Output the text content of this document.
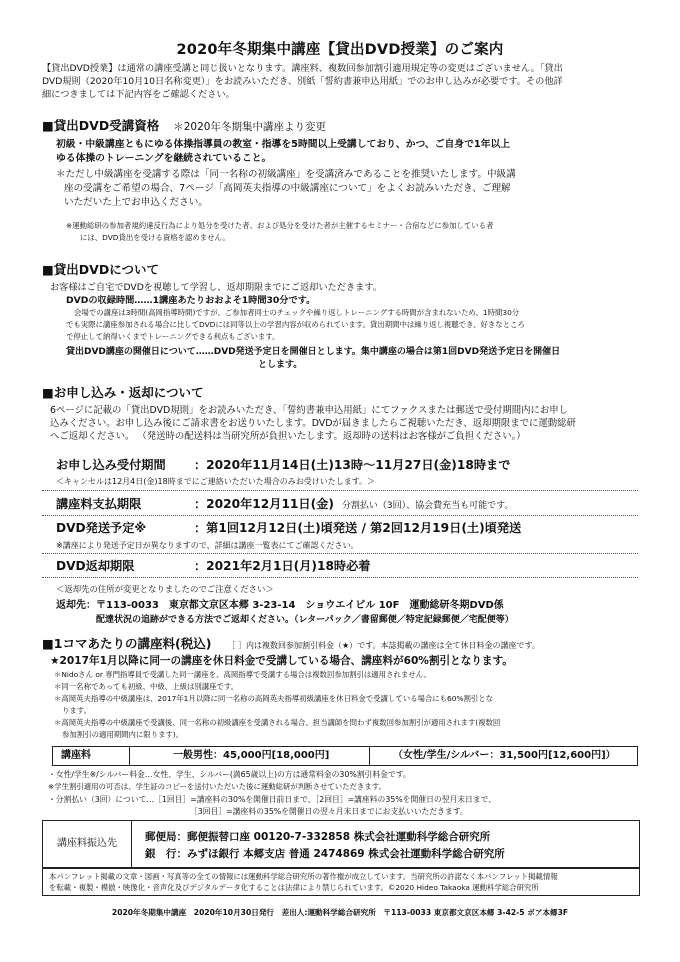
2020年冬期集中講座【貸出DVD授業】のご案内
【貸出DVD授業】は通常の講座受講と同じ扱いとなります。講座料、複数回参加割引適用規定等の変更はございません。「貸出
DVD規則（2020年10月10日名称変更）」をお読みいただき、別紙「誓約書兼申込用紙」でのお申し込みが必要です。その他詳
細につきましては下記内容をご確認ください。
■貸出DVD受講資格 ＊2020年冬期集中講座より変更
初級・中級講座ともにゆる体操指導員の教室・指導を5時間以上受講しており、かつ、ご自身で1年以上
ゆる体操のトレーニングを継続されていること。
＊ただし中級講座を受講する際は「同一名称の初級講座」を受講済みであることを推奨いたします。中級講
座の受講をご希望の場合、7ページ「高岡英夫指導の中級講座について」をよくお読みいただき、ご理解
いただいた上でお申込ください。
※運動総研の参加者規約違反行為により処分を受けた者、および処分を受けた者が主催するセミナー・合宿などに参加している者
には、DVD貸出を受ける資格を認めません。
■貸出DVDについて
お客様はご自宅でDVDを視聴して学習し、返却期限までにご返却いただきます。
DVDの収録時間……1講座あたりおおよそ1時間30分です。
会場での講座は3時間(高岡指導時間)ですが、ご参加者同士のチェックや繰り返しトレーニングする時間が含まれないため、1時間30分
でも実際に講座参加される場合に比してDVDには同等以上の学習内容が収められています。貸出期間中は繰り返し視聴でき、好きなところ
で停止して納得いくまでトレーニングできる利点もございます。
貸出DVD講座の開催日について……DVD発送予定日を開催日とします。集中講座の場合は第1回DVD発送予定日を開催日
とします。
■お申し込み・返却について
6ページに記載の「貸出DVD規則」をお読みいただき、「誓約書兼申込用紙」にてファクスまたは郵送で受付期間内にお申し
込みください。お申し込み後にご請求書をお送りいたします。DVDが届きましたらご視聴いただき、返却期限までに運動総研
へご返却ください。 （発送時の配送料は当研究所が負担いたします。返却時の送料はお客様がご負担ください。）
お申し込み受付期間 ：2020年11月14日(土)13時〜11月27日(金)18時まで
＜キャンセルは12月4日(金)18時までにご連絡いただいた場合のみお受けいたします。＞
講座料支払期限	：2020年12月11日(金) 分割払い（3回）、協会費充当も可能です。
DVD発送予定※	：第1回12月12日(土)頃発送 / 第2回12月19日(土)頃発送
※講座により発送予定日が異なりますので、詳細は講座一覧表にてご確認ください。
DVD返却期限	：2021年2月1日(月)18時必着
＜返却先の住所が変更となりましたのでご注意ください＞
返却先：〒113-0033　東京都文京区本郷 3-23-14　ショウエイビル 10F　運動総研冬期DVD係
配達状況の追跡ができる方法でご返却ください。（レターパック／書留郵便／特定記録郵便／宅配便等）
■1コマあたりの講座料(税込) ［ ］内は複数回参加割引料金（★）です。本誌掲載の講座は全て休日料金の講座です。
★2017年1月以降に同一の講座を休日料金で受講している場合、講座料が60%割引となります。
＊Nidoさん or 専門指導員で受講した同一講座を、高岡指導で受講する場合は複数回参加割引は適用されません。
＊同一名称であっても初級、中級、上級は別講座です。
＊高岡英夫指導の中級講座は、2017年1月以降に同一名称の高岡英夫指導初級講座を休日料金で受講している場合にも60%割引とな
ります。
＊高岡英夫指導の中級講座で受講後、同一名称の初級講座を受講される場合、担当講師を問わず複数回参加割引が適用されます(複数回
参加割引の適用期間内に限ります)。
講座料	一般男性：45,000円[18,000円]	（女性/学生/シルバー：31,500円[12,600円]）
・女性/学生※/シルバー料金…女性、学生、シルバー(満65歳以上)の方は通常料金の30%割引料金です。
※学生割引適用の可否は、学生証のコピーを送付いただいた後に運動総研が判断させていただきます。
・分割払い（3回）について…［1回目］=講座料の30%を開催日前日まで、［2回目］=講座料の35%を開催日の翌月末日まで、
［3回目］=講座料の35%を開催日の翌々月末日までにお支払いいただきます。
講座料振込先
郵便局：郵便振替口座 00120-7-332858 株式会社運動科学総合研究所
銀　行：みずほ銀行 本郷支店 普通 2474869 株式会社運動科学総合研究所
本パンフレット掲載の文章・図画・写真等の全ての情報には運動科学総合研究所の著作権が成立しています。当研究所の許諾なく本パンフレット掲載情報
を転載・複製・模倣・映像化・音声化及びデジタルデータ化することは法律により禁じられています。©2020 Hideo Takaoka 運動科学総合研究所
2020年冬期集中講座　2020年10月30日発行　差出人:運動科学総合研究所　〒113-0033 東京都文京区本郷 3-42-5 ボア本郷3F
